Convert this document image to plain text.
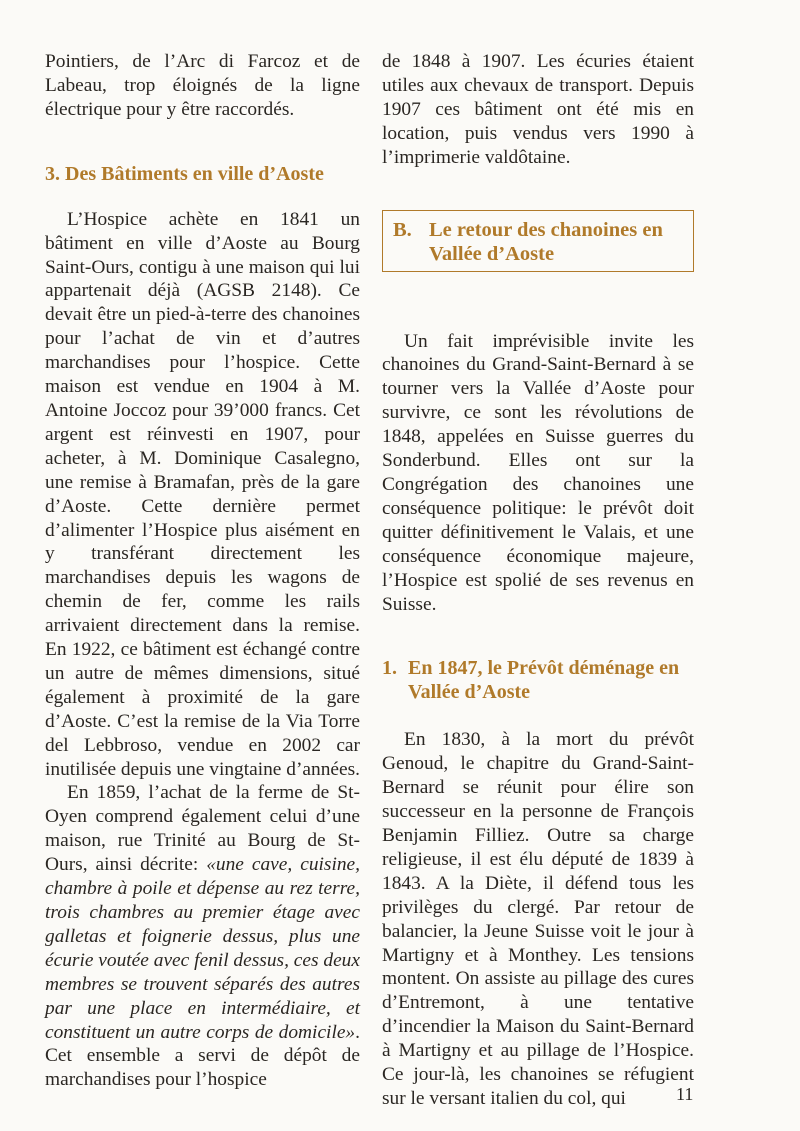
Pointiers, de l’Arc di Farcoz et de Labeau, trop éloignés de la ligne électrique pour y être raccordés.

3. Des Bâtiments en ville d’Aoste

L’Hospice achète en 1841 un bâtiment en ville d’Aoste au Bourg Saint-Ours, contigu à une maison qui lui appartenait déjà (AGSB 2148). Ce devait être un pied-à-terre des chanoines pour l’achat de vin et d’autres marchandises pour l’hospice. Cette maison est vendue en 1904 à M. Antoine Joccoz pour 39’000 francs. Cet argent est réinvesti en 1907, pour acheter, à M. Dominique Casalegno, une remise à Bramafan, près de la gare d’Aoste. Cette dernière permet d’alimenter l’Hospice plus aisément en y transférant directement les marchandises depuis les wagons de chemin de fer, comme les rails arrivaient directement dans la remise. En 1922, ce bâtiment est échangé contre un autre de mêmes dimensions, situé également à proximité de la gare d’Aoste. C’est la remise de la Via Torre del Lebbroso, vendue en 2002 car inutilisée depuis une vingtaine d’années.

En 1859, l’achat de la ferme de St-Oyen comprend également celui d’une maison, rue Trinité au Bourg de St-Ours, ainsi décrite: «une cave, cuisine, chambre à poile et dépense au rez terre, trois chambres au premier étage avec galletas et foignerie dessus, plus une écurie voutée avec fenil dessus, ces deux membres se trouvent séparés des autres par une place en intermédiaire, et constituent un autre corps de domicile». Cet ensemble a servi de dépôt de marchandises pour l’hospice

de 1848 à 1907. Les écuries étaient utiles aux chevaux de transport. Depuis 1907 ces bâtiment ont été mis en location, puis vendus vers 1990 à l’imprimerie valdôtaine.

B. Le retour des chanoines en
Vallée d’Aoste

Un fait imprévisible invite les chanoines du Grand-Saint-Bernard à se tourner vers la Vallée d’Aoste pour survivre, ce sont les révolutions de 1848, appelées en Suisse guerres du Sonderbund. Elles ont sur la Congrégation des chanoines une conséquence politique: le prévôt doit quitter définitivement le Valais, et une conséquence économique majeure, l’Hospice est spolié de ses revenus en Suisse.

1. En 1847, le Prévôt déménage en
Vallée d’Aoste

En 1830, à la mort du prévôt Genoud, le chapitre du Grand-Saint-Bernard se réunit pour élire son successeur en la personne de François Benjamin Filliez. Outre sa charge religieuse, il est élu député de 1839 à 1843. A la Diète, il défend tous les privilèges du clergé. Par retour de balancier, la Jeune Suisse voit le jour à Martigny et à Monthey. Les tensions montent. On assiste au pillage des cures d’Entremont, à une tentative d’incendier la Maison du Saint-Bernard à Martigny et au pillage de l’Hospice. Ce jour-là, les chanoines se réfugient sur le versant italien du col, qui	11
